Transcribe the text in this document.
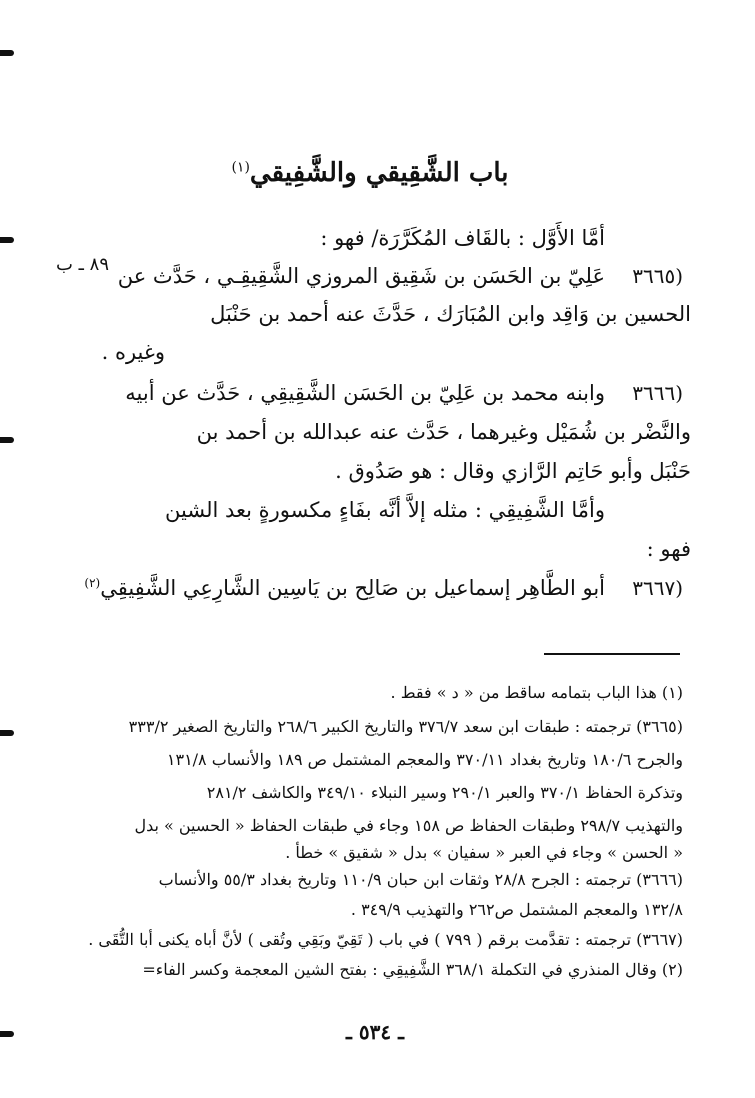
باب الشَّقِيقي والشَّفِيقي$^{(١)}$
٨٩ ـ ب
أمَّا الأَوَّل : بالقَاف المُكَرَّرَة/ فهو :
(٣٦٦٥
عَلِيّ بن الحَسَن بن شَقِيق المروزي الشَّقِيقِـي ، حَدَّث عن
الحسين بن وَاقِد وابن المُبَارَك ، حَدَّثَ عنه أحمد بن حَنْبَل
وغيره .
(٣٦٦٦
وابنه محمد بن عَلِيّ بن الحَسَن الشَّقِيقِي ، حَدَّث عن أبيه
والنَّضْر بن شُمَيْل وغيرهما ، حَدَّث عنه عبدالله بن أحمد بن
حَنْبَل وأبو حَاتِم الرَّازي وقال : هو صَدُوق .
وأمَّا الشَّفِيقِي : مثله إلاَّ أنَّه بفَاءٍ مكسورةٍ بعد الشين
فهو :
(٣٦٦٧
أبو الطَّاهِر إسماعيل بن صَالِح بن يَاسِين الشَّارِعِي الشَّفِيقِي$^{(٢)}$
(١) هذا الباب بتمامه ساقط من « د » فقط .
(٣٦٦٥) ترجمته : طبقات ابن سعد ٣٧٦/٧ والتاريخ الكبير ٢٦٨/٦ والتاريخ الصغير ٣٣٣/٢
والجرح ١٨٠/٦ وتاريخ بغداد ٣٧٠/١١ والمعجم المشتمل ص ١٨٩ والأنساب ١٣١/٨
وتذكرة الحفاظ ٣٧٠/١ والعبر ٢٩٠/١ وسير النبلاء ٣٤٩/١٠ والكاشف ٢٨١/٢
والتهذيب ٢٩٨/٧ وطبقات الحفاظ ص ١٥٨ وجاء في طبقات الحفاظ « الحسين » بدل
« الحسن » وجاء في العبر « سفيان » بدل « شقيق » خطأ .
(٣٦٦٦) ترجمته : الجرح ٢٨/٨ وثقات ابن حبان ١١٠/٩ وتاريخ بغداد ٥٥/٣ والأنساب
١٣٢/٨ والمعجم المشتمل ص٢٦٢ والتهذيب ٣٤٩/٩ .
(٣٦٦٧) ترجمته : تقدَّمت برقم ( ٧٩٩ ) في باب ( تَقِيّ وبَقِي وتُقى ) لأنَّ أباه يكنى أبا التُّقَى .
(٢) وقال المنذري في التكملة ٣٦٨/١ الشَّفِيقِي : بفتح الشين المعجمة وكسر الفاء=
ـ ٥٣٤ ـ
